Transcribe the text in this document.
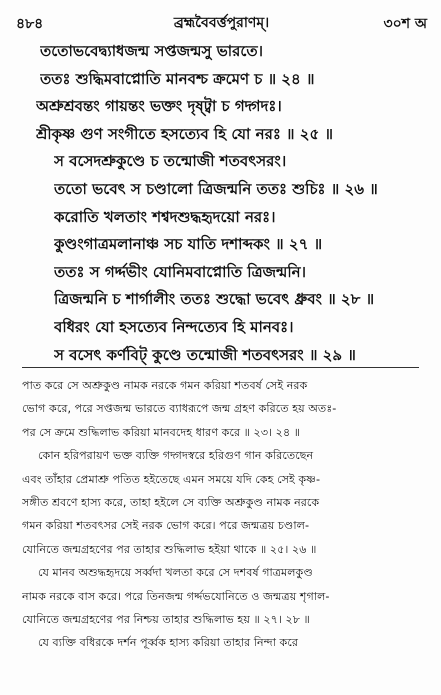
৪৮৪	ব্রহ্মবৈবর্ত্তপুরাণম্।	৩০শ অ
ততোভবেদ্ব্যাধজন্ম সপ্তজন্মসু ভারতে।
ততঃ শুদ্ধিমবাপ্নোতি মানবশ্চ ক্রমেণ চ ॥ ২৪ ॥
অশ্রুশ্রবন্তং গায়ন্তং ভক্তং দৃষ্ট্বা চ গদ্গদঃ।
শ্রীকৃষ্ণ গুণ সংগীতে হসত্যেব হি যো নরঃ ॥ ২৫ ॥
স বসেদশ্রুকুণ্ডে চ তন্মোজী শতবৎসরং।
ততো ভবেৎ স চণ্ডালো ত্রিজন্মনি ততঃ শুচিঃ ॥ ২৬ ॥
করোতি খলতাং শশ্বদশুদ্ধহৃদয়ো নরঃ।
কুণ্ডংগাত্রমলানাঞ্চ সচ যাতি দশাব্দকং ॥ ২৭ ॥
ততঃ স গর্দ্দভীং যোনিমবাপ্নোতি ত্রিজন্মনি।
ত্রিজন্মনি চ শার্গালীং ততঃ শুদ্ধো ভবেৎ ধ্রুবং ॥ ২৮ ॥
বধিরং যো হসত্যেব নিন্দত্যেব হি মানবঃ।
স বসেৎ কর্ণবিট্ কুণ্ডে তন্মোজী শতবৎসরং ॥ ২৯ ॥
পাত করে সে অশ্রুকুণ্ড নামক নরকে গমন করিয়া শতবর্ষ সেই নরক
ভোগ করে, পরে সপ্তজন্ম ভারতে ব্যাধরূপে জন্ম গ্রহণ করিতে হয় অতঃ-
পর সে ক্রমে শুদ্ধিলাভ করিয়া মানবদেহ ধারণ করে ॥ ২৩। ২৪ ॥
কোন হরিপরায়ণ ভক্ত ব্যক্তি গদ্গদস্বরে হরিগুণ গান করিতেছেন
এবং তাঁহার প্রেমাশ্রু পতিত হইতেছে এমন সময়ে যদি কেহ সেই কৃষ্ণ-
সঙ্গীত শ্রবণে হাস্য করে, তাহা হইলে সে ব্যক্তি অশ্রুকুণ্ড নামক নরকে
গমন করিয়া শতবৎসর সেই নরক ভোগ করে। পরে জন্মত্রয় চণ্ডাল-
যোনিতে জন্মগ্রহণের পর তাহার শুদ্ধিলাভ হইয়া থাকে ॥ ২৫। ২৬ ॥
যে মানব অশুদ্ধহৃদয়ে সর্ব্বদা খলতা করে সে দশবর্ষ গাত্রমলকুণ্ড
নামক নরকে বাস করে। পরে তিনজন্ম গর্দ্দভযোনিতে ও জন্মত্রয় শৃগাল-
যোনিতে জন্মগ্রহণের পর নিশ্চয় তাহার শুদ্ধিলাভ হয় ॥ ২৭। ২৮ ॥
যে ব্যক্তি বধিরকে দর্শন পূর্ব্বক হাস্য করিয়া তাহার নিন্দা করে
